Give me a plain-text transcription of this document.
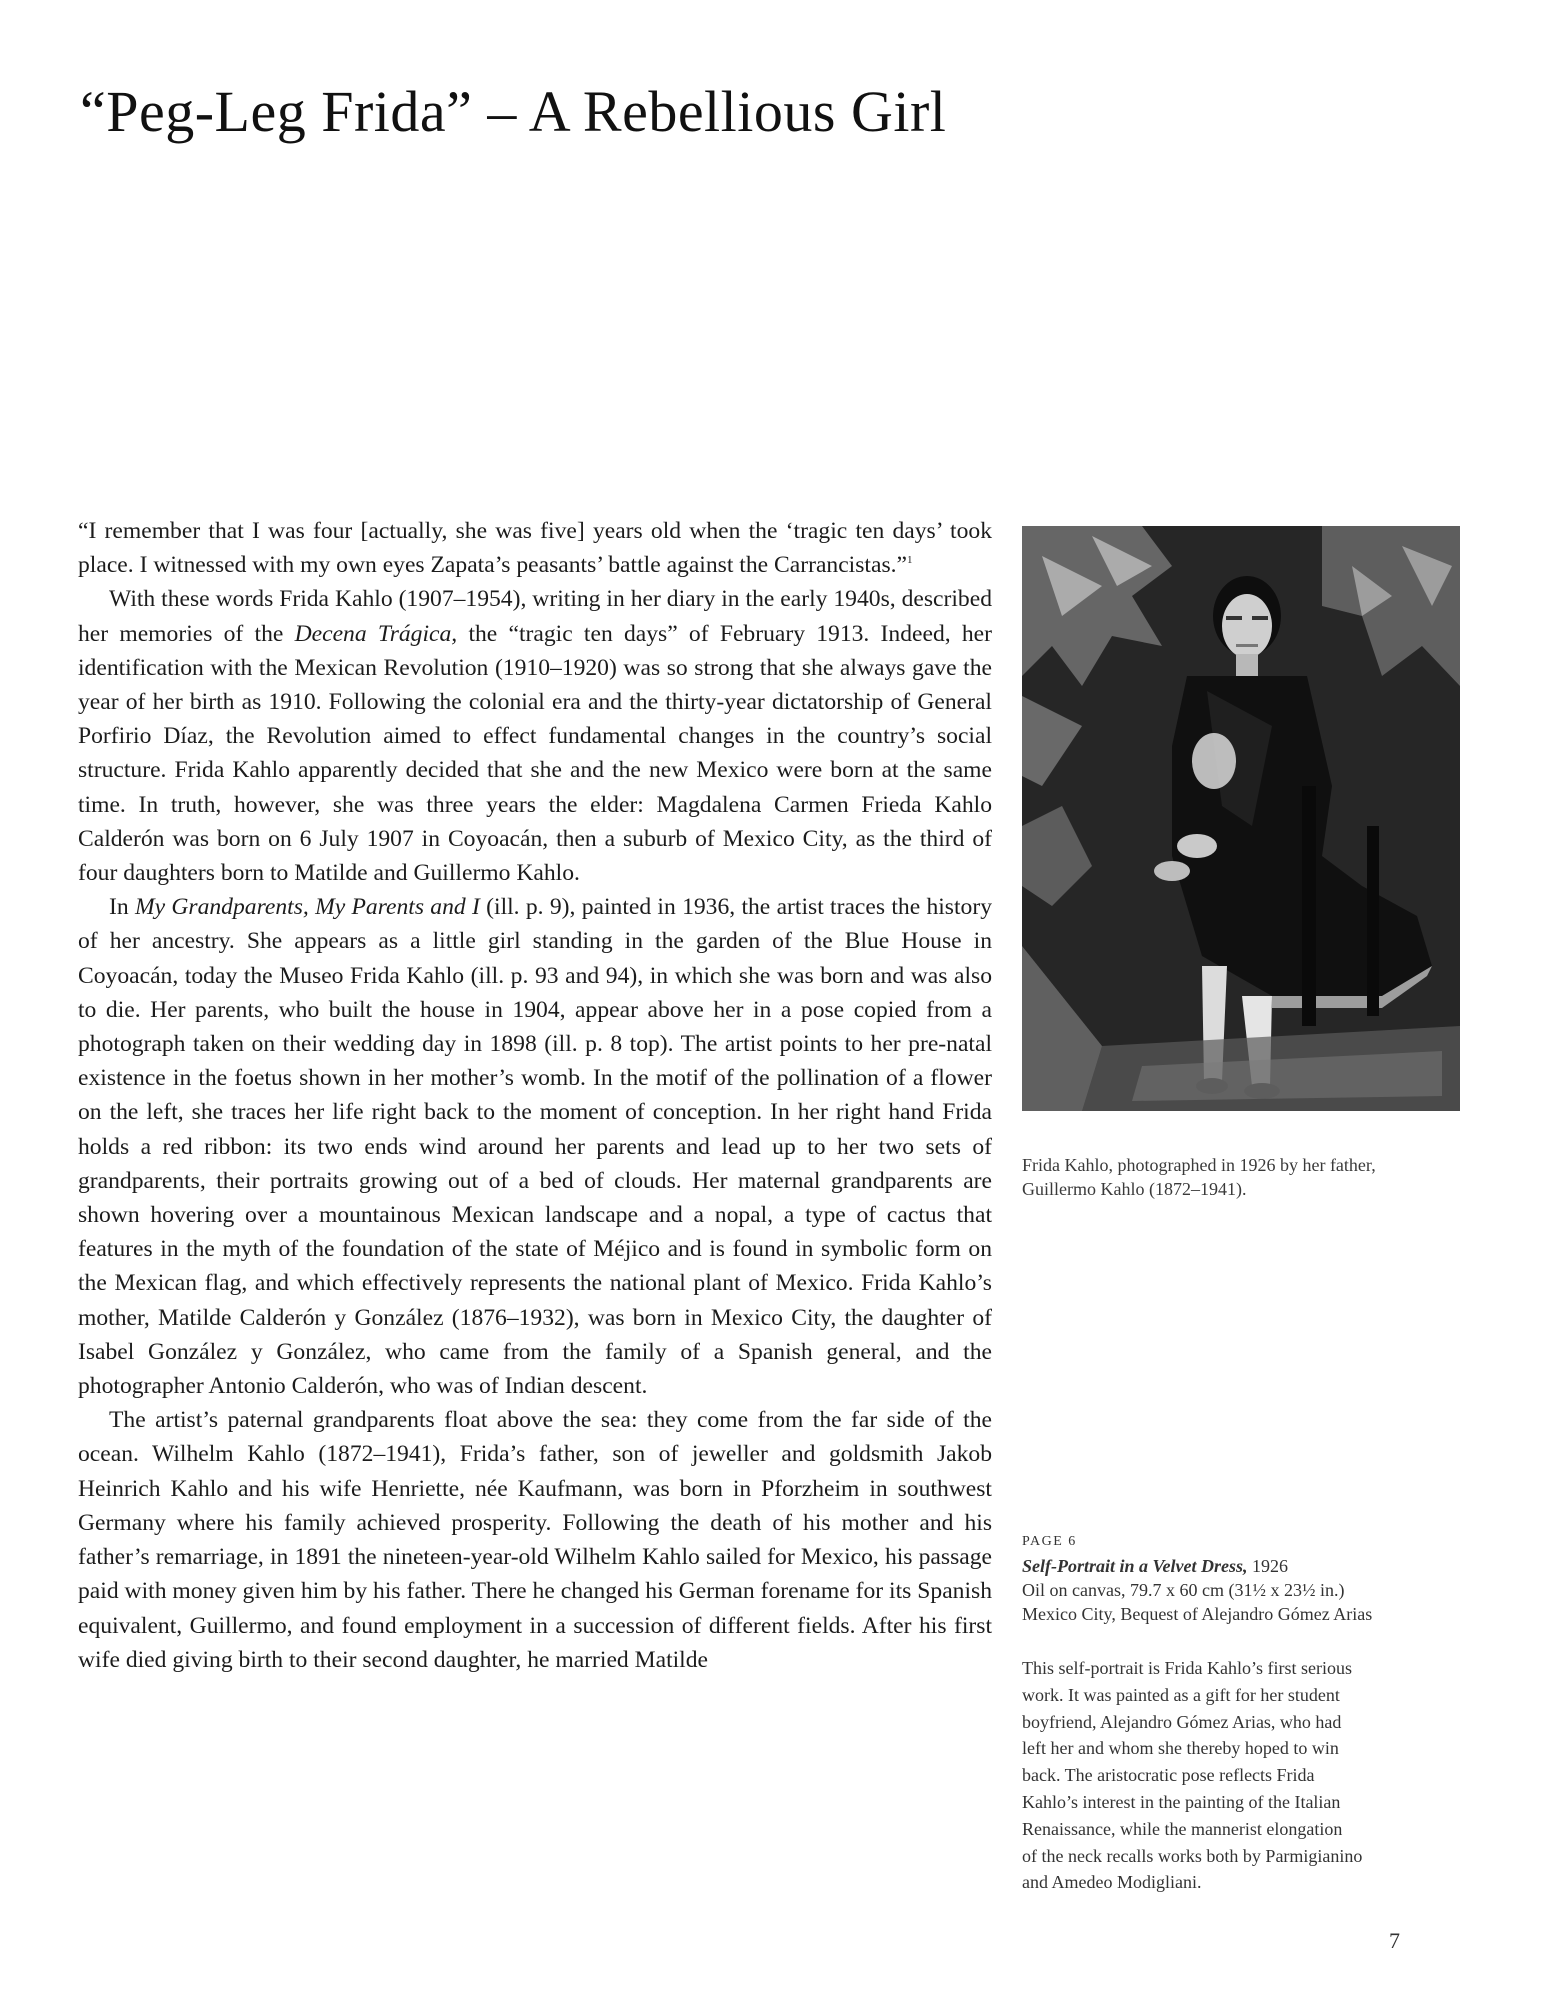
“Peg-Leg Frida” – A Rebellious Girl

“I remember that I was four [actually, she was five] years old when the ‘tragic ten days’ took place. I witnessed with my own eyes Zapata’s peasants’ battle against the Carrancistas.”$^1$

With these words Frida Kahlo (1907–1954), writing in her diary in the early 1940s, described her memories of the Decena Trágica, the “tragic ten days” of February 1913. Indeed, her identification with the Mexican Revolution (1910–1920) was so strong that she always gave the year of her birth as 1910. Following the colonial era and the thirty-year dictatorship of General Porfirio Díaz, the Revolution aimed to effect fundamental changes in the country’s social structure. Frida Kahlo apparently decided that she and the new Mexico were born at the same time. In truth, however, she was three years the elder: Magdalena Carmen Frieda Kahlo Calderón was born on 6 July 1907 in Coyoacán, then a suburb of Mexico City, as the third of four daughters born to Matilde and Guillermo Kahlo.

In My Grandparents, My Parents and I (ill. p. 9), painted in 1936, the artist traces the history of her ancestry. She appears as a little girl standing in the garden of the Blue House in Coyoacán, today the Museo Frida Kahlo (ill. p. 93 and 94), in which she was born and was also to die. Her parents, who built the house in 1904, appear above her in a pose copied from a photograph taken on their wedding day in 1898 (ill. p. 8 top). The artist points to her pre-natal existence in the foetus shown in her mother’s womb. In the motif of the pollination of a flower on the left, she traces her life right back to the moment of conception. In her right hand Frida holds a red ribbon: its two ends wind around her parents and lead up to her two sets of grandparents, their portraits growing out of a bed of clouds. Her maternal grandparents are shown hovering over a mountainous Mexican landscape and a nopal, a type of cactus that features in the myth of the foundation of the state of Méjico and is found in symbolic form on the Mexican flag, and which effectively represents the national plant of Mexico. Frida Kahlo’s mother, Matilde Calderón y González (1876–1932), was born in Mexico City, the daughter of Isabel González y González, who came from the family of a Spanish general, and the photographer Antonio Calderón, who was of Indian descent.

The artist’s paternal grandparents float above the sea: they come from the far side of the ocean. Wilhelm Kahlo (1872–1941), Frida’s father, son of jeweller and goldsmith Jakob Heinrich Kahlo and his wife Henriette, née Kaufmann, was born in Pforzheim in southwest Germany where his family achieved prosperity. Following the death of his mother and his father’s remarriage, in 1891 the nineteen-year-old Wilhelm Kahlo sailed for Mexico, his passage paid with money given him by his father. There he changed his German forename for its Spanish equivalent, Guillermo, and found employment in a succession of different fields. After his first wife died giving birth to their second daughter, he married Matilde

Frida Kahlo, photographed in 1926 by her father,
Guillermo Kahlo (1872–1941).
PAGE 6
Self-Portrait in a Velvet Dress, 1926
Oil on canvas, 79.7 x 60 cm (31½ x 23½ in.)
Mexico City, Bequest of Alejandro Gómez Arias
This self-portrait is Frida Kahlo’s first serious
work. It was painted as a gift for her student
boyfriend, Alejandro Gómez Arias, who had
left her and whom she thereby hoped to win
back. The aristocratic pose reflects Frida
Kahlo’s interest in the painting of the Italian
Renaissance, while the mannerist elongation
of the neck recalls works both by Parmigianino
and Amedeo Modigliani.
7
